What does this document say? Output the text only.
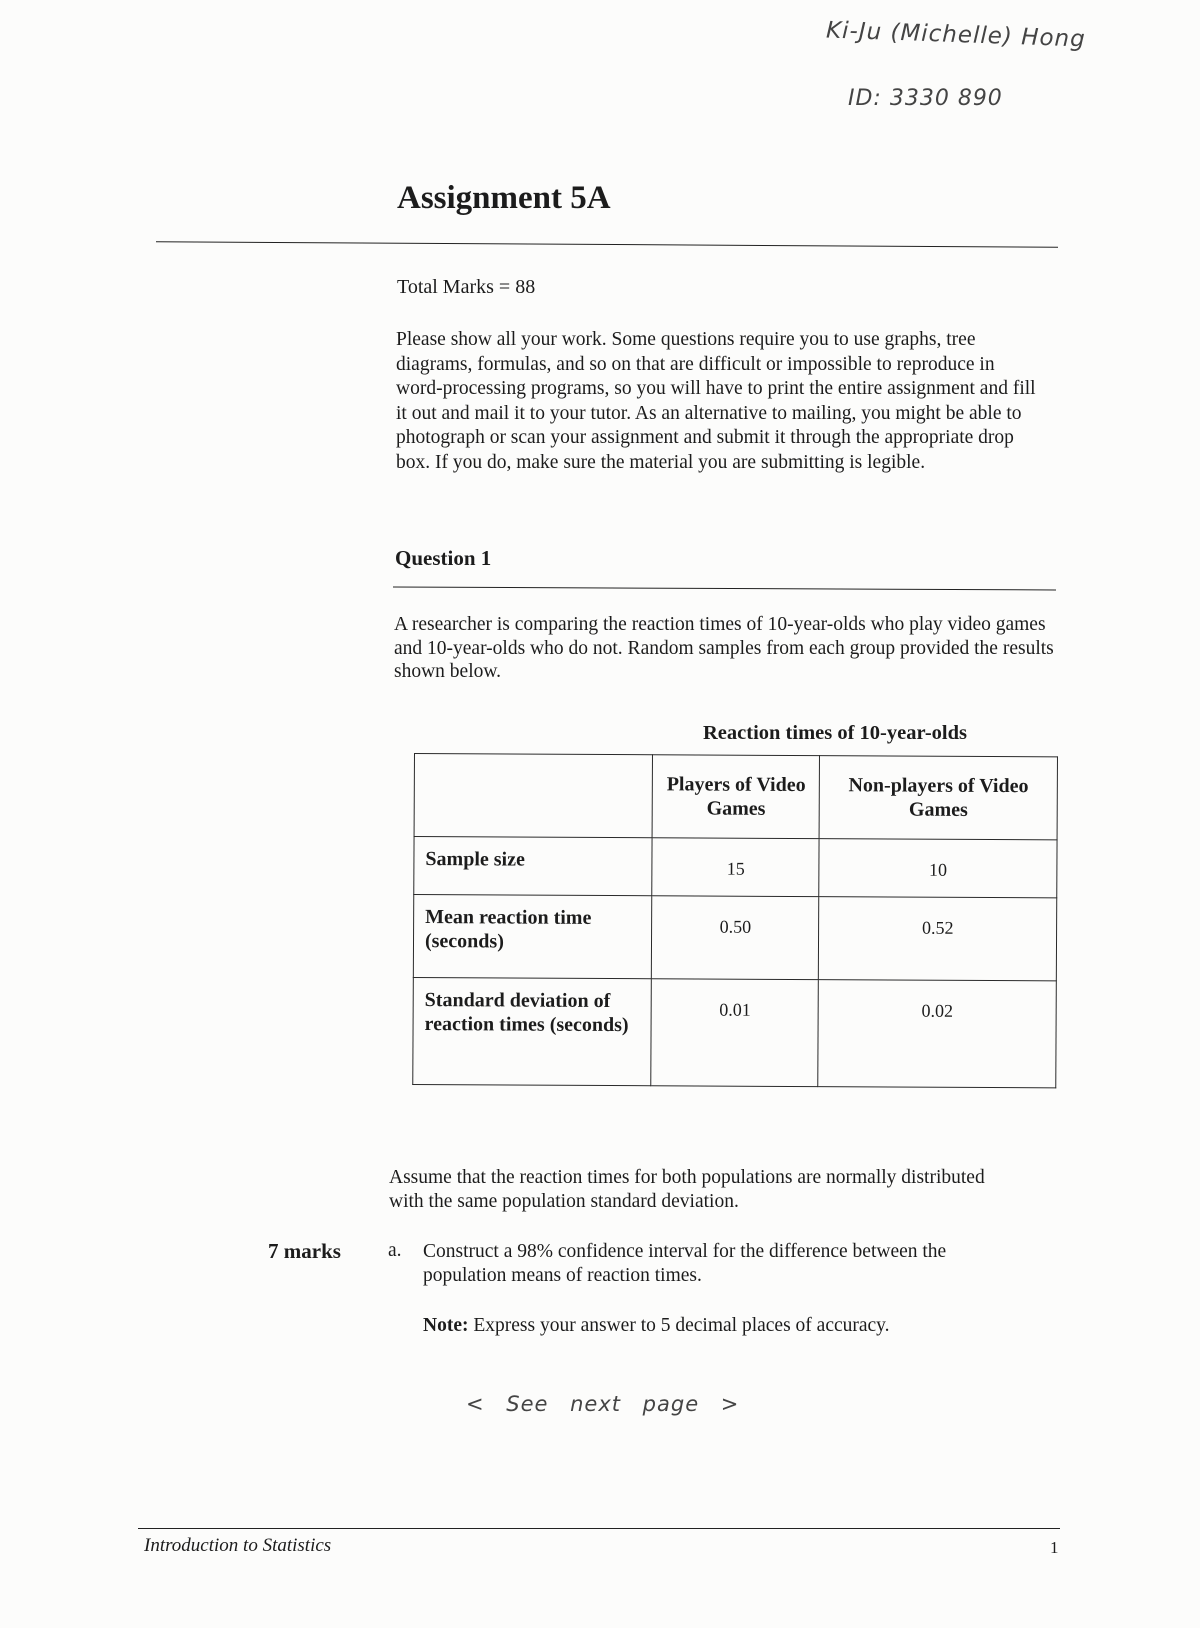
Ki-Ju (Michelle) Hong
ID: 3330 890
Assignment 5A
Total Marks = 88

Please show all your work. Some questions require you to use graphs, tree diagrams, formulas, and so on that are difficult or impossible to reproduce in word-processing programs, so you will have to print the entire assignment and fill it out and mail it to your tutor. As an alternative to mailing, you might be able to photograph or scan your assignment and submit it through the appropriate drop box. If you do, make sure the material you are submitting is legible.

Question 1

A researcher is comparing the reaction times of 10-year-olds who play video games and 10-year-olds who do not. Random samples from each group provided the results shown below.

Reaction times of 10-year-olds
	Players of Video Games	Non-players of Video Games
Sample size	15	10
Mean reaction time (seconds)	0.50	0.52
Standard deviation of reaction times (seconds)	0.01	0.02

Assume that the reaction times for both populations are normally distributed with the same population standard deviation.

7 marks a. Construct a 98% confidence interval for the difference between the population means of reaction times.

Note: Express your answer to 5 decimal places of accuracy.
< See next page >
Introduction to Statistics	1
